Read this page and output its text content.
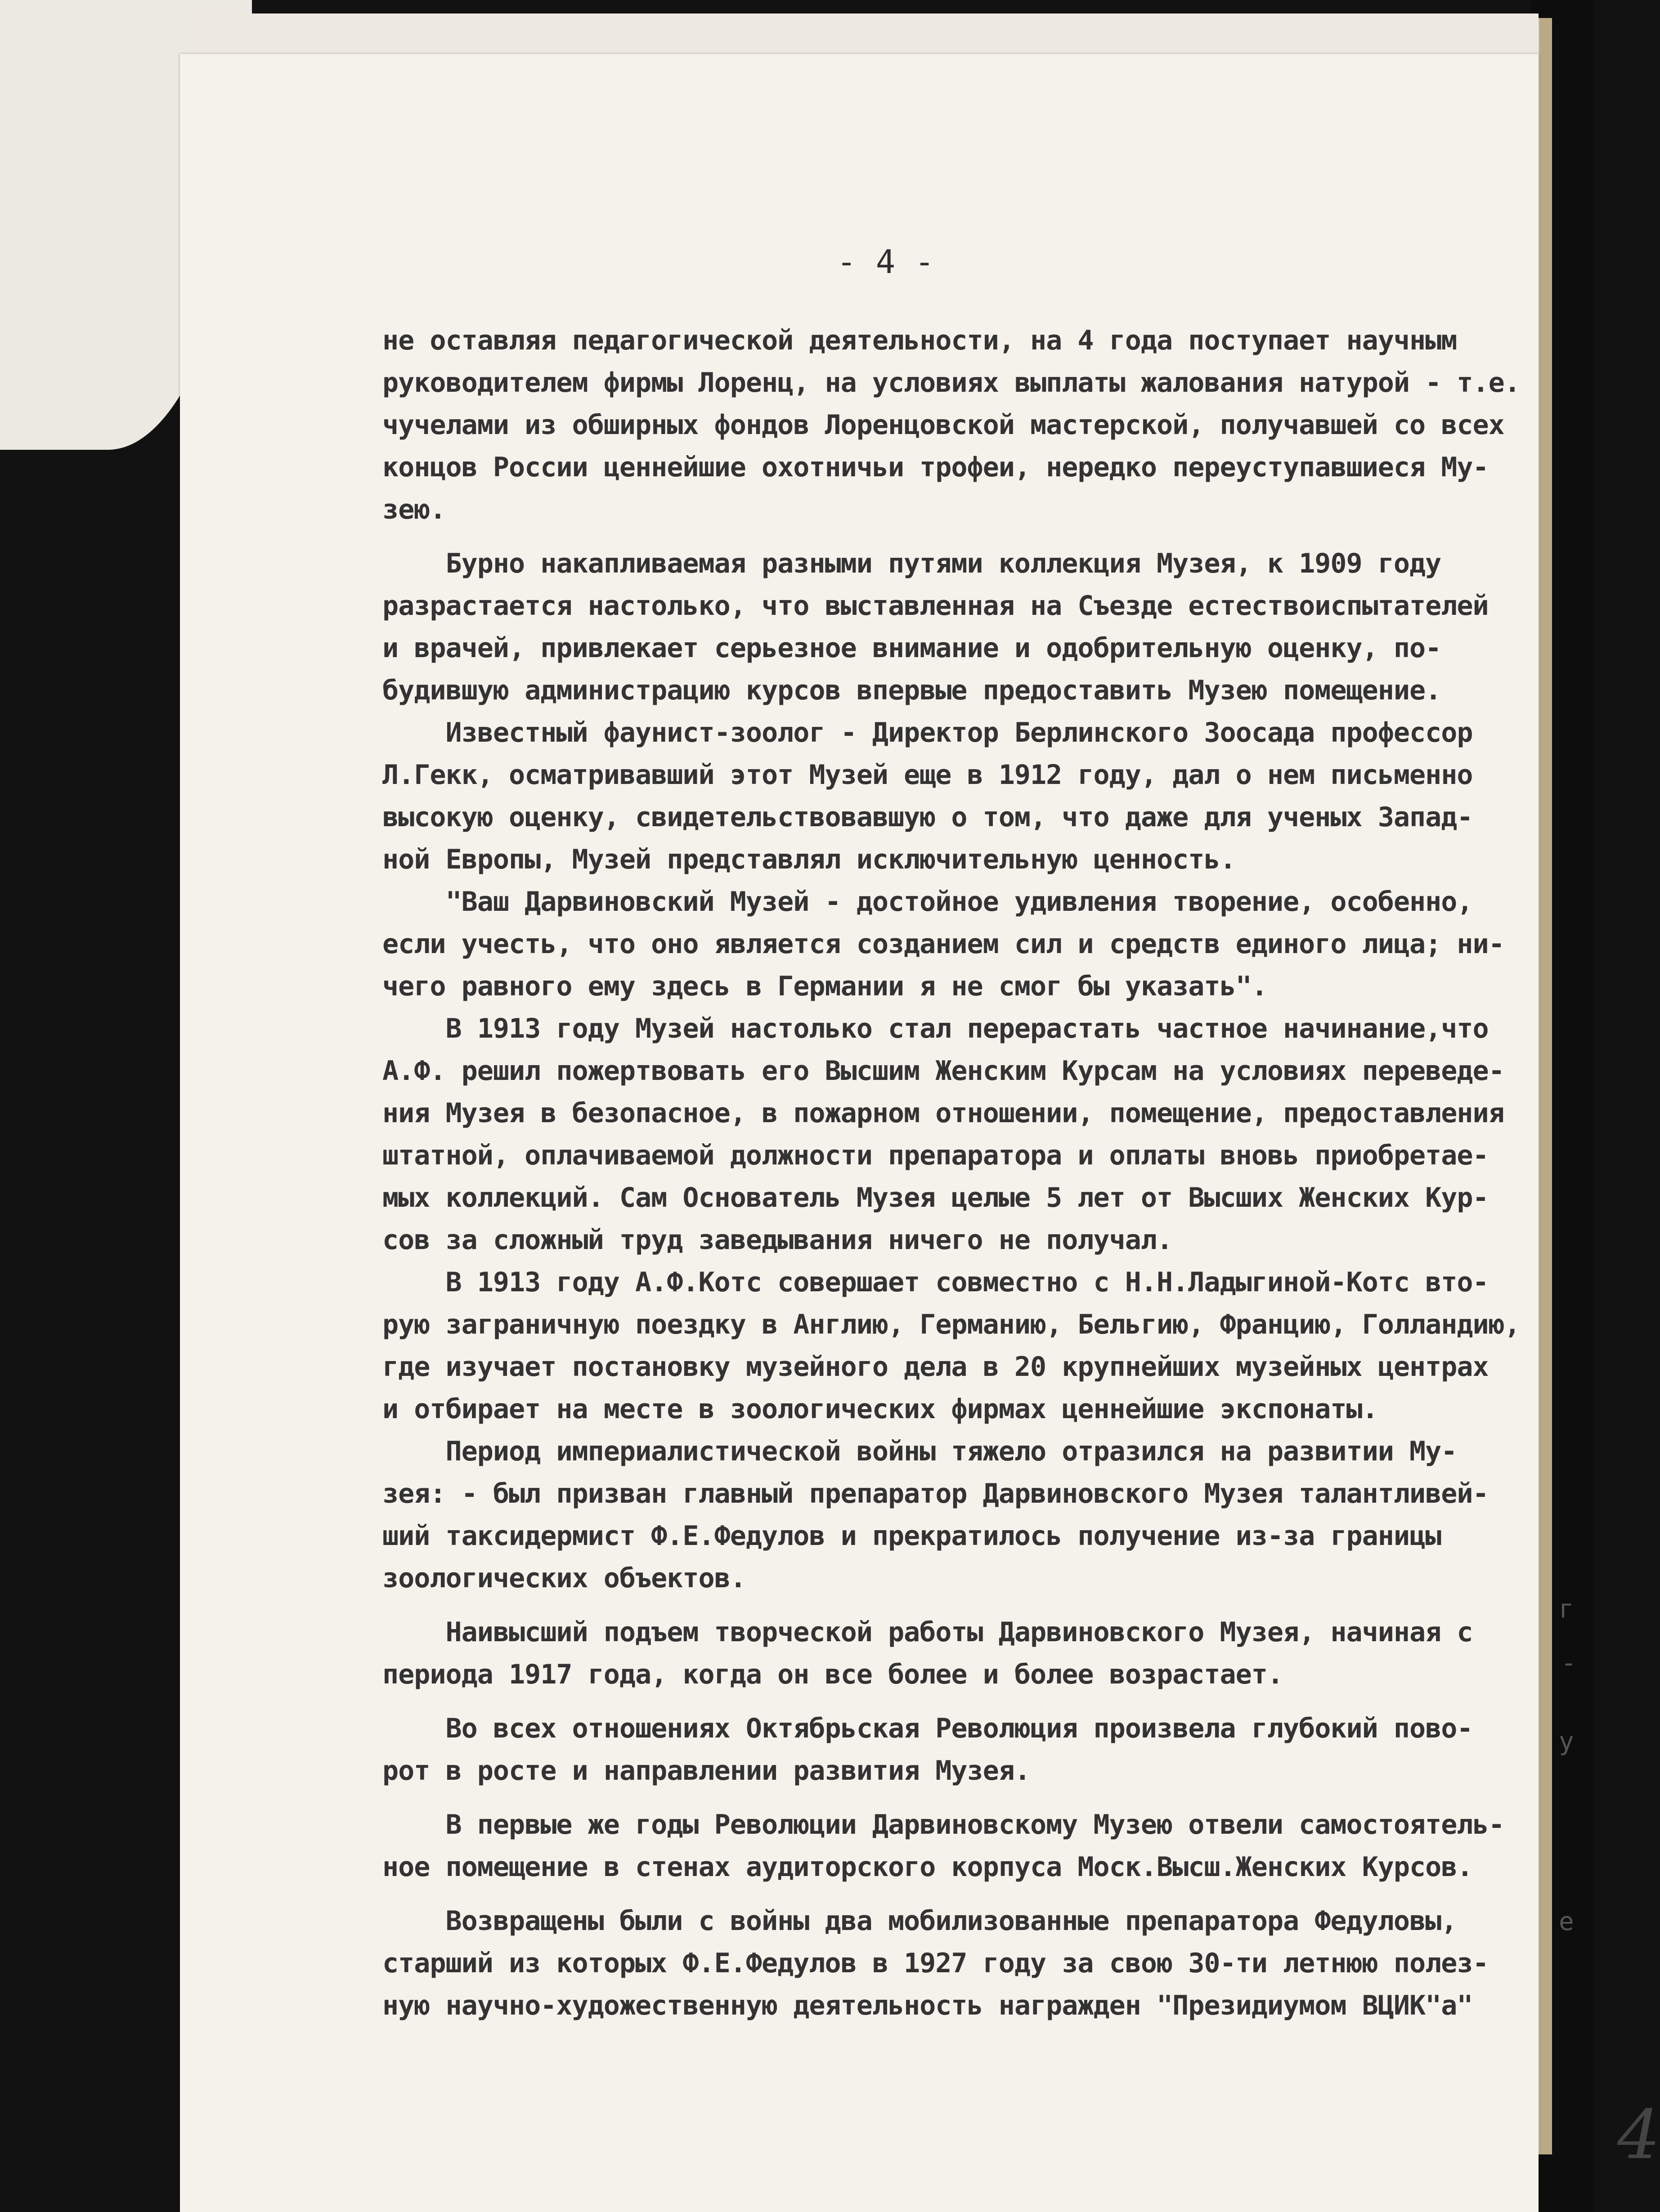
- 4 -
не оставляя педагогической деятельности, на 4 года поступает научным
руководителем фирмы Лоренц, на условиях выплаты жалования натурой - т.е.
чучелами из обширных фондов Лоренцовской мастерской, получавшей со всех
концов России ценнейшие охотничьи трофеи, нередко переуступавшиеся Му-
зею.
Бурно накапливаемая разными путями коллекция Музея, к 1909 году
разрастается настолько, что выставленная на Съезде естествоиспытателей
и врачей, привлекает серьезное внимание и одобрительную оценку, по-
будившую администрацию курсов впервые предоставить Музею помещение.
Известный фаунист-зоолог - Директор Берлинского Зоосада профессор
Л.Гекк, осматривавший этот Музей еще в 1912 году, дал о нем письменно
высокую оценку, свидетельствовавшую о том, что даже для ученых Запад-
ной Европы, Музей представлял исключительную ценность.
"Ваш Дарвиновский Музей - достойное удивления творение, особенно,
если учесть, что оно является созданием сил и средств единого лица; ни-
чего равного ему здесь в Германии я не смог бы указать".
В 1913 году Музей настолько стал перерастать частное начинание,что
А.Ф. решил пожертвовать его Высшим Женским Курсам на условиях переведе-
ния Музея в безопасное, в пожарном отношении, помещение, предоставления
штатной, оплачиваемой должности препаратора и оплаты вновь приобретае-
мых коллекций. Сам Основатель Музея целые 5 лет от Высших Женских Кур-
сов за сложный труд заведывания ничего не получал.
В 1913 году А.Ф.Котс совершает совместно с Н.Н.Ладыгиной-Котс вто-
рую заграничную поездку в Англию, Германию, Бельгию, Францию, Голландию,
где изучает постановку музейного дела в 20 крупнейших музейных центрах
и отбирает на месте в зоологических фирмах ценнейшие экспонаты.
Период империалистической войны тяжело отразился на развитии Му-
зея: - был призван главный препаратор Дарвиновского Музея талантливей-
ший таксидермист Ф.Е.Федулов и прекратилось получение из-за границы
зоологических объектов.
Наивысший подъем творческой работы Дарвиновского Музея, начиная с
периода 1917 года, когда он все более и более возрастает.
Во всех отношениях Октябрьская Революция произвела глубокий пово-
рот в росте и направлении развития Музея.
В первые же годы Революции Дарвиновскому Музею отвели самостоятель-
ное помещение в стенах аудиторского корпуса Моск.Высш.Женских Курсов.
Возвращены были с войны два мобилизованные препаратора Федуловы,
старший из которых Ф.Е.Федулов в 1927 году за свою 30-ти летнюю полез-
ную научно-художественную деятельность награжден "Президиумом ВЦИК"а"
4
г
-
у
е
